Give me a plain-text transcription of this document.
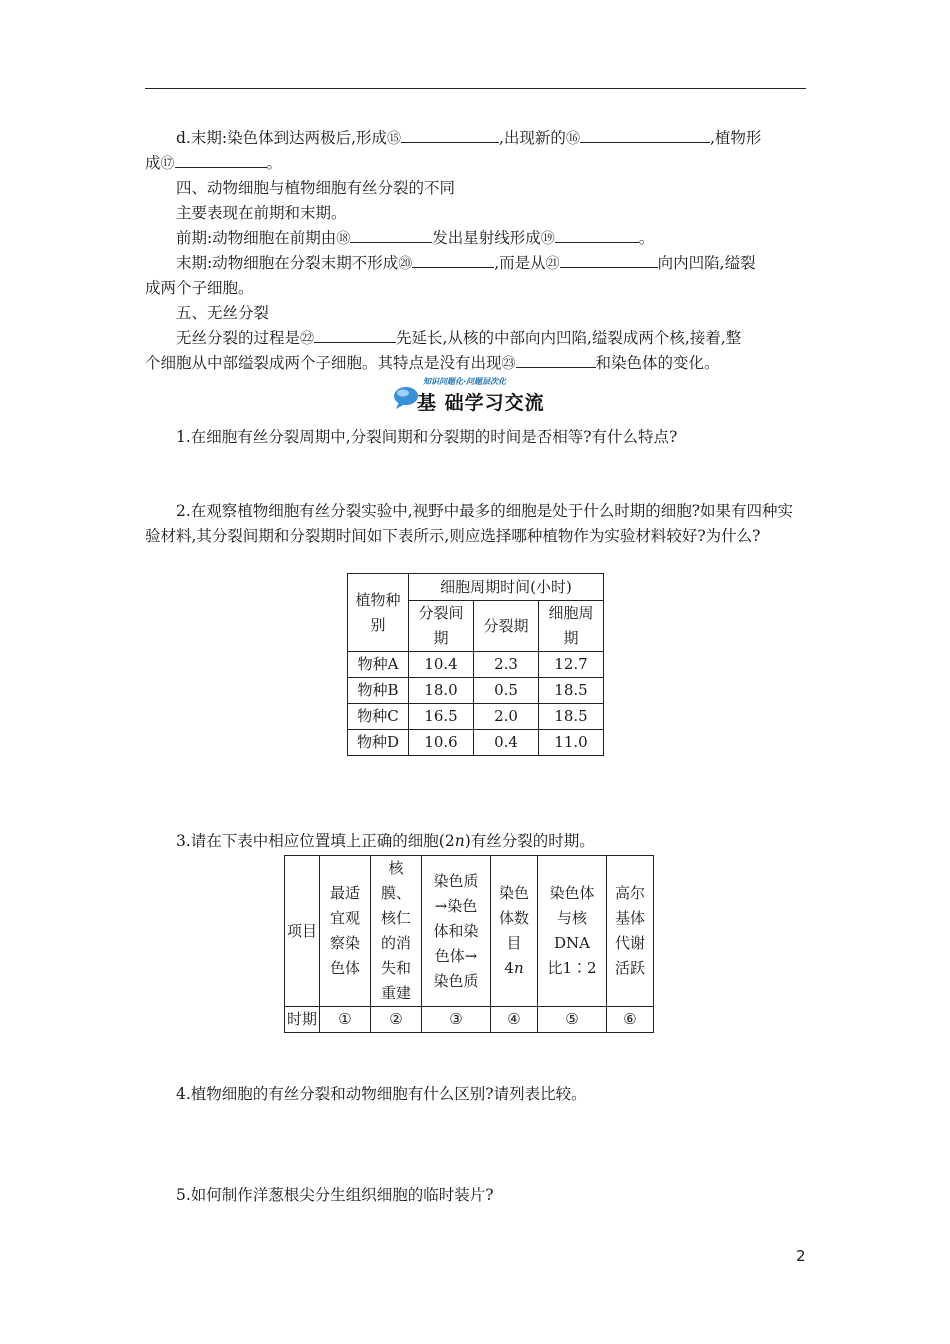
d.末期:染色体到达两极后,形成⑮	,出现新的⑯	,植物形

成⑰	。

四、动物细胞与植物细胞有丝分裂的不同

主要表现在前期和末期。

前期:动物细胞在前期由⑱	发出星射线形成⑲	。

末期:动物细胞在分裂末期不形成⑳	,而是从㉑	向内凹陷,缢裂

成两个子细胞。

五、无丝分裂

无丝分裂的过程是㉒	先延长,从核的中部向内凹陷,缢裂成两个核,接着,整

个细胞从中部缢裂成两个子细胞。其特点是没有出现㉓	和染色体的变化。

知识问题化·问题层次化
基 础学习交流

1.在细胞有丝分裂周期中,分裂间期和分裂期的时间是否相等?有什么特点?

2.在观察植物细胞有丝分裂实验中,视野中最多的细胞是处于什么时期的细胞?如果有四种实验材料,其分裂间期和分裂期时间如下表所示,则应选择哪种植物作为实验材料较好?为什么?

植物种别	细胞周期时间(小时)		

	分裂间期	分裂期	细胞周期

物种A	10.4	2.3	12.7
物种B	18.0	0.5	18.5
物种C	16.5	2.0	18.5
物种D	10.6	0.4	11.0

3.请在下表中相应位置填上正确的细胞(2n)有丝分裂的时期。

项目	最适宜观察染色体	核膜、核仁的消失和重建	染色质→染色体和染色体→染色质	染色体数目4n	染色体与核DNA比1∶2	高尔基体代谢活跃

时期	①	②	③	④	⑤	⑥

4.植物细胞的有丝分裂和动物细胞有什么区别?请列表比较。

5.如何制作洋葱根尖分生组织细胞的临时装片?

2
